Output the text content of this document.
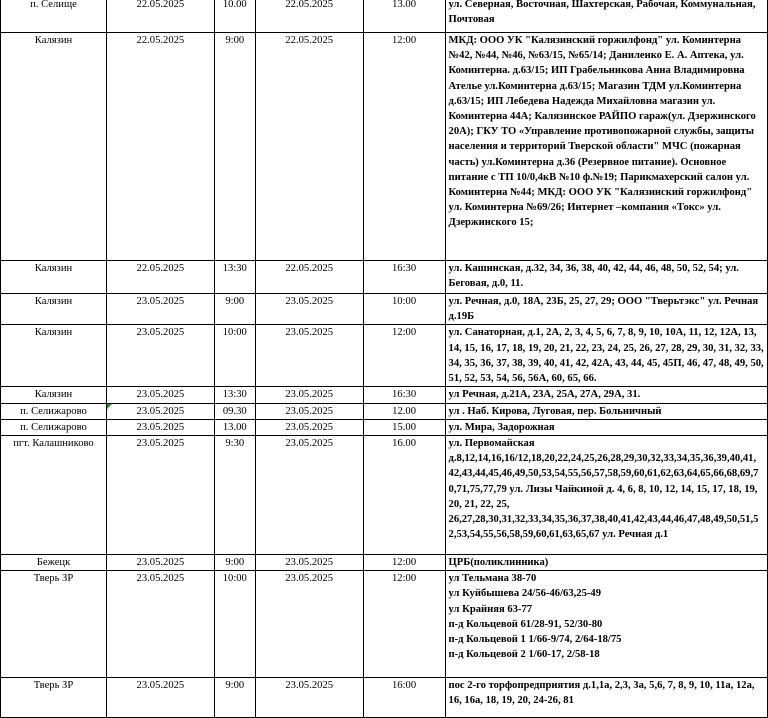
п. Селище	22.05.2025	10.00	22.05.2025	13.00	ул. Северная, Восточная, Шахтерская, Рабочая, Коммунальная, Почтовая
Калязин	22.05.2025	9:00	22.05.2025	12:00	МКД: ООО УК "Калязинский горжилфонд" ул. Коминтерна №42, №44, №46, №63/15, №65/14; Даниленко Е. А. Аптека, ул. Коминтерна. д.63/15; ИП Грабельникова Анна Владимировна Ателье ул.Коминтерна д.63/15; Магазин ТДМ ул.Коминтерна д.63/15; ИП Лебедева Надежда Михайловна магазин ул. Коминтерна 44А; Калязинское РАЙПО гараж(ул. Дзержинского 20А); ГКУ ТО «Управление противопожарной службы, защиты населения и территорий Тверской области" МЧС (пожарная часть) ул.Коминтерна д.36 (Резервное питание). Основное питание с ТП 10/0,4кВ №10 ф.№19; Парикмахерский салон ул. Коминтерна №44; МКД: ООО УК "Калязинский горжилфонд" ул. Коминтерна №69/26; Интернет –компания «Токс» ул. Дзержинского 15;
Калязин	22.05.2025	13:30	22.05.2025	16:30	ул. Кашинская, д.32, 34, 36, 38, 40, 42, 44, 46, 48, 50, 52, 54; ул. Беговая, д.0, 11.
Калязин	23.05.2025	9:00	23.05.2025	10:00	ул. Речная, д.0, 18А, 23Б, 25, 27, 29; ООО "Тверьтэкс" ул. Речная д.19Б
Калязин	23.05.2025	10:00	23.05.2025	12:00	ул. Санаторная, д.1, 2А, 2, 3, 4, 5, 6, 7, 8, 9, 10, 10А, 11, 12, 12А, 13, 14, 15, 16, 17, 18, 19, 20, 21, 22, 23, 24, 25, 26, 27, 28, 29, 30, 31, 32, 33, 34, 35, 36, 37, 38, 39, 40, 41, 42, 42А, 43, 44, 45, 45П, 46, 47, 48, 49, 50, 51, 52, 53, 54, 56, 56А, 60, 65, 66.
Калязин	23.05.2025	13:30	23.05.2025	16:30	ул Речная, д.21А, 23А, 25А, 27А, 29А, 31.
п. Селижарово	23.05.2025	09.30	23.05.2025	12.00	ул . Наб. Кирова, Луговая, пер. Больничный
п. Селижарово	23.05.2025	13.00	23.05.2025	15.00	ул. Мира, Задорожная
пгт. Калашниково	23.05.2025	9:30	23.05.2025	16.00	ул. Первомайская
д.8,12,14,16,16/12,18,20,22,24,25,26,28,29,30,32,33,34,35,36,39,40,41,
42,43,44,45,46,49,50,53,54,55,56,57,58,59,60,61,62,63,64,65,66,68,69,7
0,71,75,77,79 ул. Лизы Чайкиной д. 4, 6, 8, 10, 12, 14, 15, 17, 18, 19,
20, 21, 22, 25,
26,27,28,30,31,32,33,34,35,36,37,38,40,41,42,43,44,46,47,48,49,50,51,5
2,53,54,55,56,58,59,60,61,63,65,67 ул. Речная д.1

Бежецк	23.05.2025	9:00	23.05.2025	12:00	ЦРБ(поликлинника)
Тверь ЗР	23.05.2025	10:00	23.05.2025	12:00	ул Тельмана 38-70
ул Куйбышева 24/56-46/63,25-49
ул Крайняя 63-77
п-д Кольцевой 61/28-91, 52/30-80
п-д Кольцевой 1 1/66-9/74, 2/64-18/75
п-д Кольцевой 2 1/60-17, 2/58-18

Тверь ЗР	23.05.2025	9:00	23.05.2025	16:00	пос 2-го торфопредприятия д.1,1а, 2,3, 3а, 5,6, 7, 8, 9, 10, 11а, 12а, 16, 16а, 18, 19, 20, 24-26, 81
